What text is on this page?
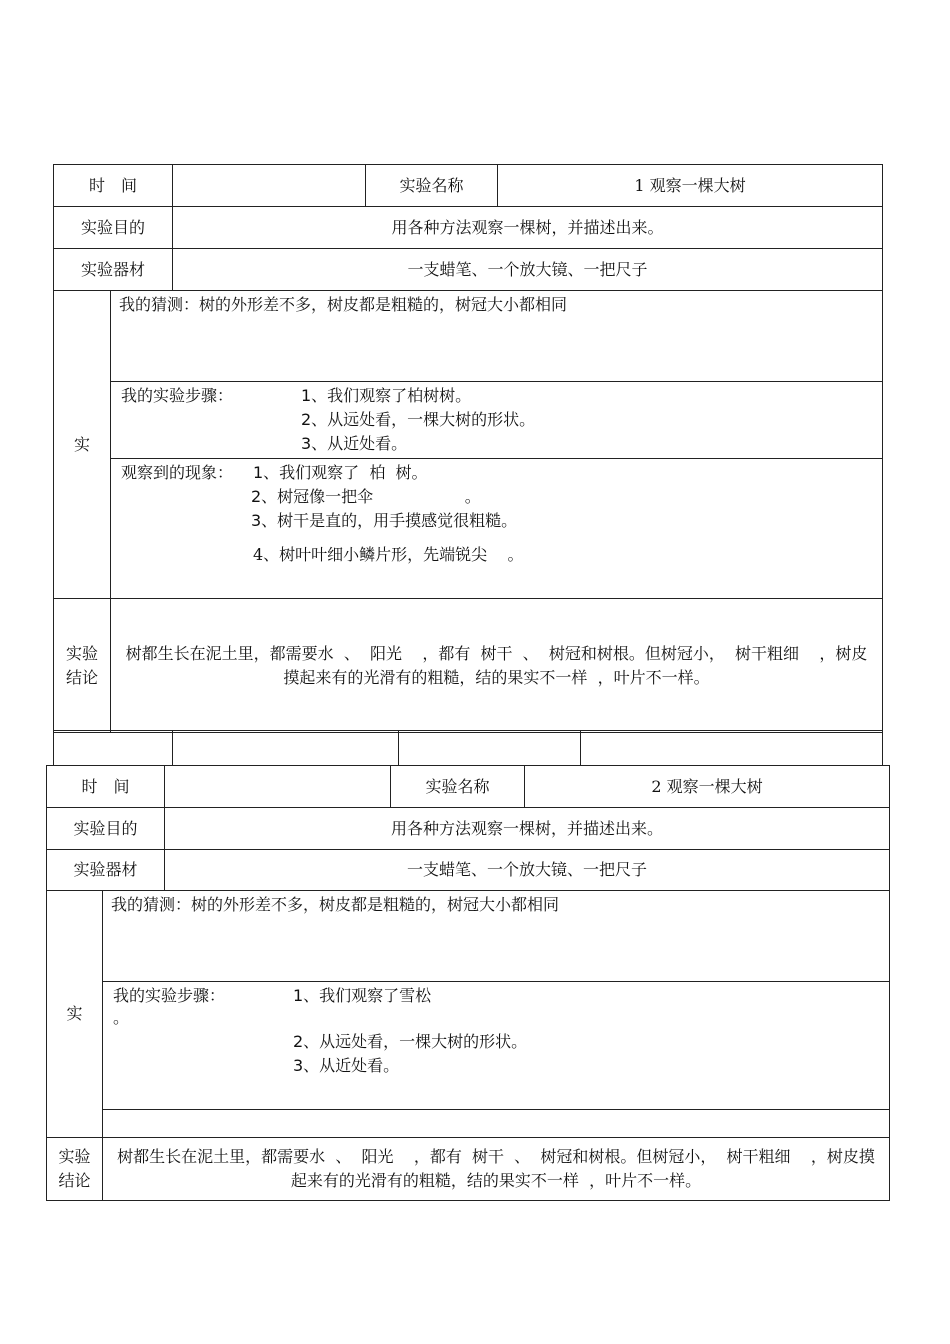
时　间			实验名称	1 观察一棵大树
实验目的		用各种方法观察一棵树，并描述出来。		
实验器材		一支蜡笔、一个放大镜、一把尺子		
实	我的猜测：树的外形差不多，树皮都是粗糙的，树冠大小都相同			

	我的实验步骤： 1、我们观察了柏树树。
2、从远处看，一棵大树的形状。
3、从近处看。			

	观察到的现象： 1、我们观察了  柏  树。
2、树冠像一把伞                  。
3、树干是直的，用手摸感觉很粗糙。
4、树叶叶细小鳞片形，先端锐尖    。			

实验
结论	树都生长在泥土里，都需要水  、  阳光    ，都有  树干  、  树冠和树根。但树冠小，  树干粗细    ，树皮摸起来有的光滑有的粗糙，结的果实不一样  ，叶片不一样。			

时　间			实验名称	2 观察一棵大树
实验目的		用各种方法观察一棵树，并描述出来。		
实验器材		一支蜡笔、一个放大镜、一把尺子		
实	我的猜测：树的外形差不多，树皮都是粗糙的，树冠大小都相同			

	我的实验步骤： 1、我们观察了雪松
。
2、从远处看，一棵大树的形状。
3、从近处看。			

实验
结论	树都生长在泥土里，都需要水  、  阳光    ，都有  树干  、  树冠和树根。但树冠小，  树干粗细    ，树皮摸起来有的光滑有的粗糙，结的果实不一样  ，叶片不一样。			
